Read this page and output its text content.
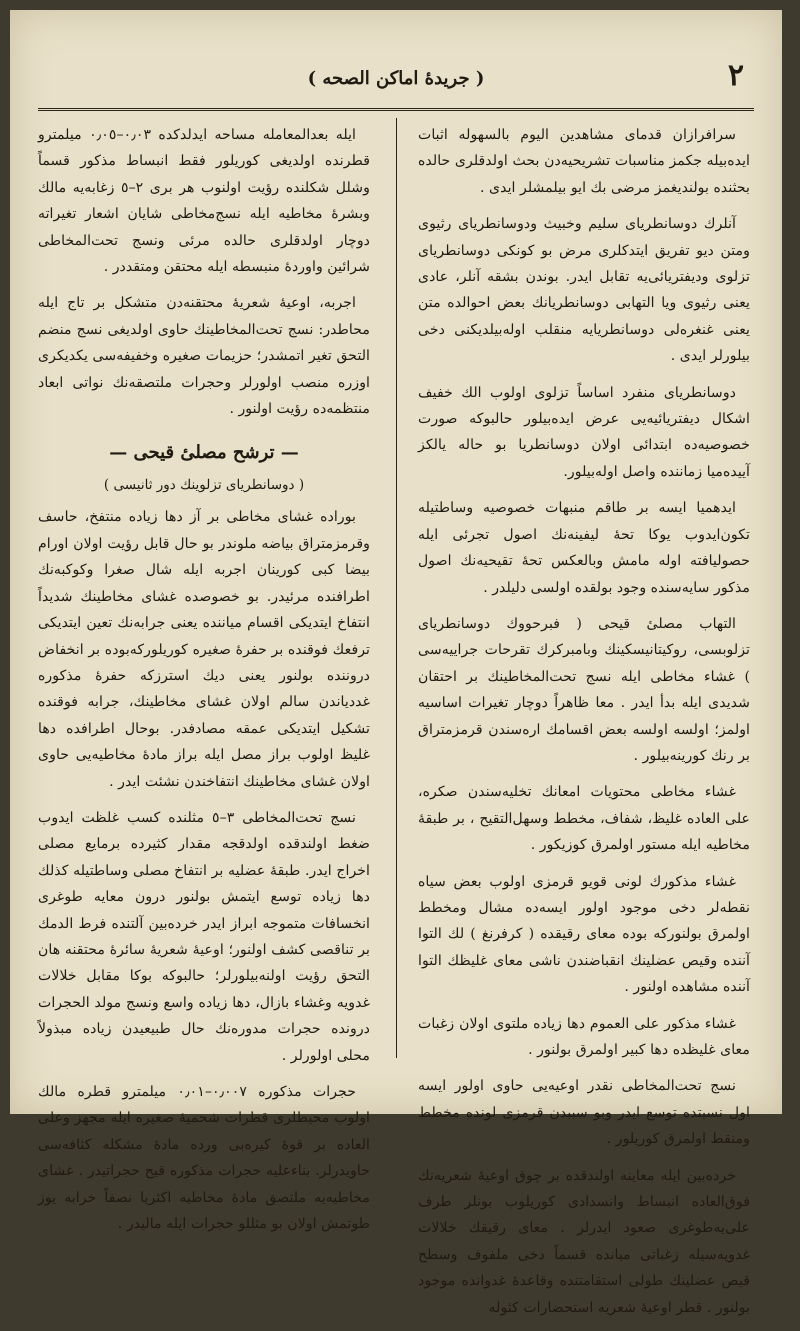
٢
( جريدهٔ اماكن الصحه )

سرافرازان قدمای مشاهدین الیوم بالسهوله اثبات ایده‌بیله‌ جکمز مناسبات تشریحیه‌دن بحث اولدقلری حالده بحثنده بولندیغمز مرضی بك ایو بیلمشلر ایدی .

آنلرك دوسانطریای سلیم وخبیث ودوسانطریای رثیوی ومتن دیو تفریق ایتدکلری مرض بو کونکی دوسانطریای تزلوی ودیفتریائی‌یه تقابل ایدر. بوندن بشقه آنلر، عادی یعنی رثیوی ویا التهابی دوسانطریانك بعض احوالده متن یعنی غنغره‌لی دوسانطریایه منقلب اوله‌بیلدیکنی دخی بیلورلر ایدی .

دوسانطریای منفرد اساساً تزلوی اولوب الك خفیف اشکال دیفتریائیه‌یی عرض ایده‌بیلور حالبوکه صورت خصوصیه‌ده ابتدائی اولان دوسانطریا بو حاله یالکز آییده‌میا زماننده واصل اوله‌بیلور.

ایدهمیا ایسه بر طاقم منبهات خصوصیه وساطتیله تکون‌ایدوب یوکا تحهٔ لیفینه‌نك اصول تجرئی ایله حصولیافته اوله مامش وبالعکس تحهٔ تقیحیه‌نك اصول مذکور سایه‌سنده وجود بولقده اولسی دلیلدر .

التهاب مصلیٔ قیحی ( فبرحووك دوسانطریای تزلوبسی، روکیتانیسکینك وبامبرکرك تقرحات جراییه‌سی ) غشاء مخاطی ایله نسج تحت‌المخاطینك بر احتقان شدیدی ایله بدأ ایدر . معا ظاهراً دوچار تغیرات اساسیه اولمز؛ اولسه اولسه بعض اقسامك اره‌سندن قرمزمتراق بر رنك کورینه‌بیلور .

غشاء مخاطی محتویات امعانك تخلیه‌سندن صکره، علی العاده غلیظ، شفاف، مخطط وسهل‌التقیح ، بر طبقهٔ مخاطیه ایله مستور اولمرق کوزیکور .

غشاء مذکورك لونی قویو قرمزی اولوب بعض سیاه نقطه‌لر دخی موجود اولور ایسه‌ده مشال ومخطط اولمرق بولنورکه بوده معای رقیقده ( کرفرنغ ) لك التوا آننده وقیص عضلینك انقباضندن ناشی معای غلیظك التوا آننده مشاهده اولنور .

غشاء مذکور علی العموم دها زیاده ملتوی اولان زغبات معای غلیظده دها کبیر اولمرق بولنور .

نسج تحت‌المخاطی نقدر اوعیه‌یی حاوی اولور ایسه اول نسبتده توسع ایدر وبو سببدن قرمزی لونده مخطط ومنقط اولمرق کوریلور .

خرده‌بین ایله معاینه اولندقده بر چوق اوعیهٔ شعریه‌نك فوق‌العاده انبساط وانسدادی کوریلوب بونلر طرف علی‌یه‌طوغری صعود ایدرلر . معای رقیقك خلالات غدویه‌سیله زغباتی میانده قسماً دخی ملفوف وسطح قیص عضلینك طولی استقامتنده وقاعدهٔ غدوانده موجود بولنور . قطر اوعیهٔ شعریه استحضارات کثوله

ایله بعدالمعامله مساحه ایدلدکده ٠٫٠٣–٠٫٠٥ میلمترو قطرنده اولدیغی کوریلور فقط انبساط مذکور قسماً وشلل شکلنده رؤیت اولنوب هر بری ٢–٥ زغابه‌یه مالك وبشرهٔ مخاطیه ایله نسج‌مخاطی شایان اشعار تغیراته دوچار اولدقلری حالده مرئی ونسج تحت‌المخاطی شرائین واوردهٔ منبسطه ایله محتقن ومتقددر .

اجربه، اوعیهٔ شعریهٔ محتقنه‌دن متشکل بر تاج ایله محاطدر: نسج تحت‌المخاطینك حاوی اولدیغی نسج منضم التحق تغیر اتمشدر؛ حزیمات صغیره وخفیفه‌سی یکدیکری اوزره منصب اولورلر وحجرات ملتصقه‌نك نواتی ابعاد منتظمه‌ده رؤیت اولنور .

— ترشح مصلیٔ قیحی —
( دوسانطریای تزلوینك دور ثانیسی )

بوراده غشای مخاطی بر آز دها زیاده منتفخ، حاسف وقرمزمتراق بیاضه ملوندر بو حال قابل رؤیت اولان اورام بیضا کبی کورینان اجربه ایله شال صغرا وکوکبه‌نك اطرافنده مرئیدر. بو خصوصده غشای مخاطینك شدیداً انتفاخ ایتدیکی اقسام میاننده یعنی جرابه‌نك تعین ایتدیکی ترفعك فوقنده بر حفرهٔ صغیره کوریلورکه‌بوده بر انخفاض دروننده بولنور یعنی دیك استرزکه حفرهٔ مذکوره غددیاندن سالم اولان غشای مخاطینك، جرابه فوقنده تشکیل ایتدیکی عمقه مصادفدر. بوحال اطرافده دها غلیظ اولوب براز مصل ایله براز مادهٔ مخاطیه‌یی حاوی اولان غشای مخاطینك انتفاخندن نشئت ایدر .

نسج تحت‌المخاطی ٣–٥ مثلنده کسب غلظت ایدوب ضغط اولندقده اولدقجه مقدار کثیرده برمایع مصلی اخراج ایدر. طبقهٔ عضلیه بر انتفاخ مصلی وساطتیله کذلك دها زیاده توسع ایتمش بولنور درون معایه طوغری انخسافات متموجه ابراز ایدر خرده‌بین آلتنده فرط الدمك بر تناقصی کشف اولنور؛ اوعیهٔ شعریهٔ سائرهٔ محتقنه هان التحق رؤیت اولنه‌بیلورلر؛ حالبوکه بوکا مقابل خلالات غدویه وغشاء بازال، دها زیاده واسع ونسج مولد الحجرات درونده حجرات مدوره‌نك حال طبیعیدن زیاده مبذولاً محلی اولورلر .

حجرات مذکوره ٠٫٠٠٧–٠٫٠١ میلمترو قطره مالك اولوب محیطلری قطرات شحمیهٔ صغیره ایله مجهز وعلی العاده بر قوهٔ کیره‌بی ورده مادهٔ مشکله کثافه‌سی حاویدرلر. بناءعلیه حجرات مذکوره قیح حجراتیدر . غشای مخاطیه‌یه ملتصق مادهٔ مخاطیه اکثریا نصفاً خرابه یوز طوتمش اولان بو مثللو حجرات ایله مالیدر .
